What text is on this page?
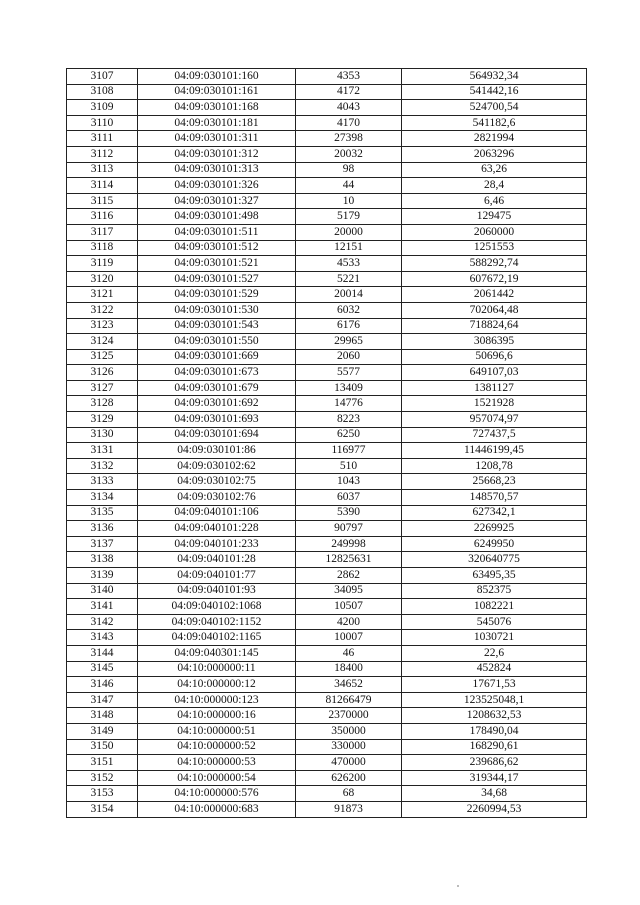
3107	04:09:030101:160	4353	564932,34
3108	04:09:030101:161	4172	541442,16
3109	04:09:030101:168	4043	524700,54
3110	04:09:030101:181	4170	541182,6
3111	04:09:030101:311	27398	2821994
3112	04:09:030101:312	20032	2063296
3113	04:09:030101:313	98	63,26
3114	04:09:030101:326	44	28,4
3115	04:09:030101:327	10	6,46
3116	04:09:030101:498	5179	129475
3117	04:09:030101:511	20000	2060000
3118	04:09:030101:512	12151	1251553
3119	04:09:030101:521	4533	588292,74
3120	04:09:030101:527	5221	607672,19
3121	04:09:030101:529	20014	2061442
3122	04:09:030101:530	6032	702064,48
3123	04:09:030101:543	6176	718824,64
3124	04:09:030101:550	29965	3086395
3125	04:09:030101:669	2060	50696,6
3126	04:09:030101:673	5577	649107,03
3127	04:09:030101:679	13409	1381127
3128	04:09:030101:692	14776	1521928
3129	04:09:030101:693	8223	957074,97
3130	04:09:030101:694	6250	727437,5
3131	04:09:030101:86	116977	11446199,45
3132	04:09:030102:62	510	1208,78
3133	04:09:030102:75	1043	25668,23
3134	04:09:030102:76	6037	148570,57
3135	04:09:040101:106	5390	627342,1
3136	04:09:040101:228	90797	2269925
3137	04:09:040101:233	249998	6249950
3138	04:09:040101:28	12825631	320640775
3139	04:09:040101:77	2862	63495,35
3140	04:09:040101:93	34095	852375
3141	04:09:040102:1068	10507	1082221
3142	04:09:040102:1152	4200	545076
3143	04:09:040102:1165	10007	1030721
3144	04:09:040301:145	46	22,6
3145	04:10:000000:11	18400	452824
3146	04:10:000000:12	34652	17671,53
3147	04:10:000000:123	81266479	123525048,1
3148	04:10:000000:16	2370000	1208632,53
3149	04:10:000000:51	350000	178490,04
3150	04:10:000000:52	330000	168290,61
3151	04:10:000000:53	470000	239686,62
3152	04:10:000000:54	626200	319344,17
3153	04:10:000000:576	68	34,68
3154	04:10:000000:683	91873	2260994,53
